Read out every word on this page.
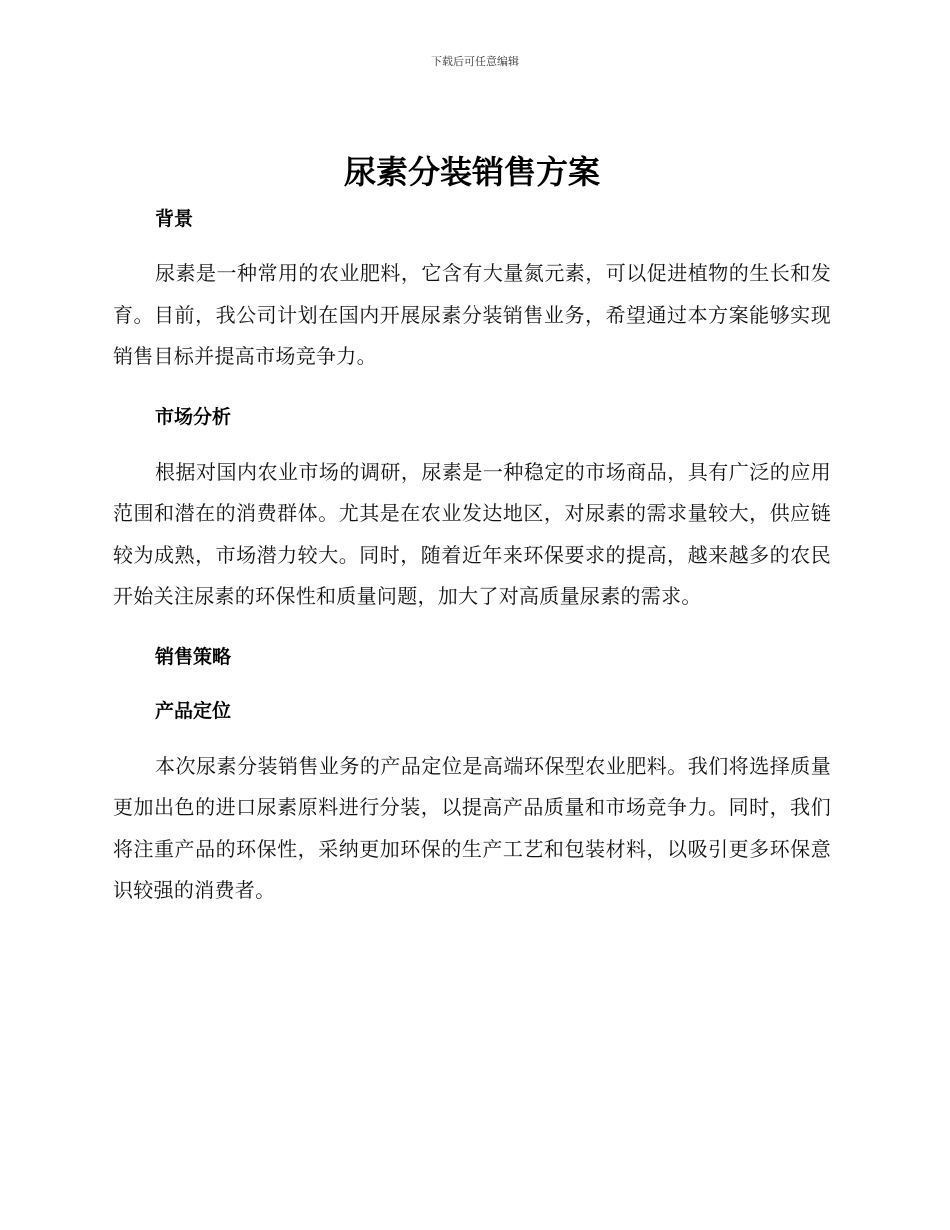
下载后可任意编辑
尿素分装销售方案
背景

尿素是一种常用的农业肥料，它含有大量氮元素，可以促进植物的生长和发育。目前，我公司计划在国内开展尿素分装销售业务，希望通过本方案能够实现销售目标并提高市场竞争力。

市场分析

根据对国内农业市场的调研，尿素是一种稳定的市场商品，具有广泛的应用范围和潜在的消费群体。尤其是在农业发达地区，对尿素的需求量较大，供应链较为成熟，市场潜力较大。同时，随着近年来环保要求的提高，越来越多的农民开始关注尿素的环保性和质量问题，加大了对高质量尿素的需求。

销售策略
产品定位

本次尿素分装销售业务的产品定位是高端环保型农业肥料。我们将选择质量更加出色的进口尿素原料进行分装，以提高产品质量和市场竞争力。同时，我们将注重产品的环保性，采纳更加环保的生产工艺和包装材料，以吸引更多环保意识较强的消费者。
